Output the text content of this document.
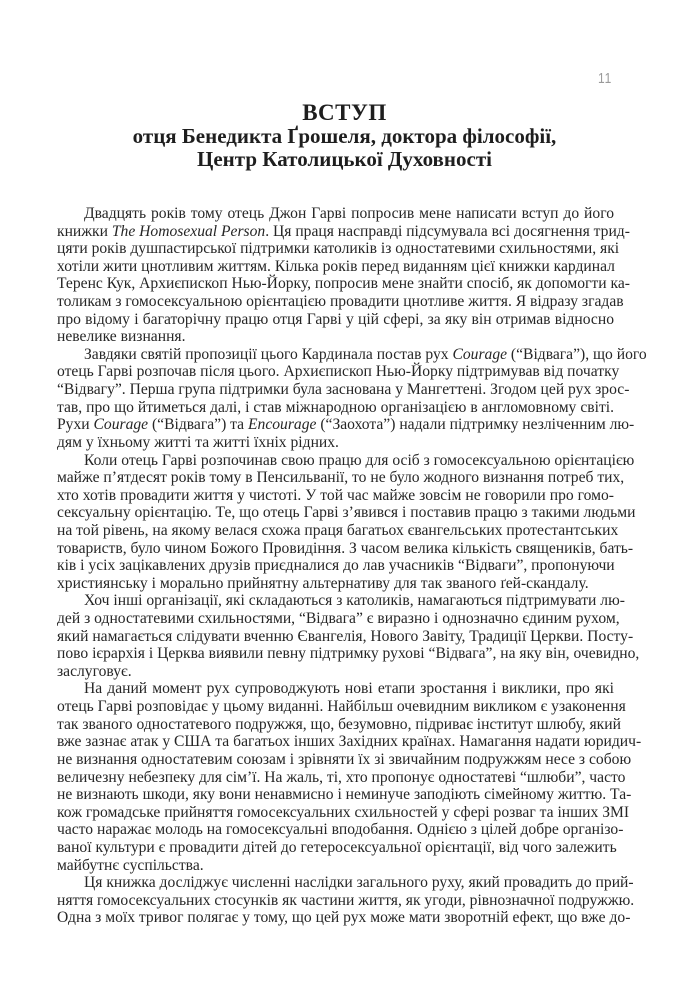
11
ВСТУП
отця Бенедикта Ґрошеля, доктора філософії,
Центр Католицької Духовності
Двадцять років тому отець Джон Гарві попросив мене написати вступ до його
книжки The Homosexual Person. Ця праця насправді підсумувала всі досягнення трид-
цяти років душпастирської підтримки католиків із одностатевими схильностями, які
хотіли жити цнотливим життям. Кілька років перед виданням цієї книжки кардинал
Теренс Кук, Архиєпископ Нью-Йорку, попросив мене знайти спосіб, як допомогти ка-
толикам з гомосексуальною орієнтацією провадити цнотливе життя. Я відразу згадав
про відому і багаторічну працю отця Гарві у цій сфері, за яку він отримав відносно
невелике визнання.
Завдяки святій пропозиції цього Кардинала постав рух Courage (“Відвага”), що його
отець Гарві розпочав після цього. Архиєпископ Нью-Йорку підтримував від початку
“Відвагу”. Перша група підтримки була заснована у Мангеттені. Згодом цей рух зрос-
тав, про що йтиметься далі, і став міжнародною організацією в англомовному світі.
Рухи Courage (“Відвага”) та Encourage (“Заохота”) надали підтримку незліченним лю-
дям у їхньому житті та житті їхніх рідних.
Коли отець Гарві розпочинав свою працю для осіб з гомосексуальною орієнтацією
майже п’ятдесят років тому в Пенсильванії, то не було жодного визнання потреб тих,
хто хотів провадити життя у чистоті. У той час майже зовсім не говорили про гомо-
сексуальну орієнтацію. Те, що отець Гарві з’явився і поставив працю з такими людьми
на той рівень, на якому велася схожа праця багатьох євангельських протестантських
товариств, було чином Божого Провидіння. З часом велика кількість священиків, бать-
ків і усіх зацікавлених друзів приєдналися до лав учасників “Відваги”, пропонуючи
християнську і морально прийнятну альтернативу для так званого ґей-скандалу.
Хоч інші організації, які складаються з католиків, намагаються підтримувати лю-
дей з одностатевими схильностями, “Відвага” є виразно і однозначно єдиним рухом,
який намагається слідувати вченню Євангелія, Нового Завіту, Традиції Церкви. Посту-
пово ієрархія і Церква виявили певну підтримку рухові “Відвага”, на яку він, очевидно,
заслуговує.
На даний момент рух супроводжують нові етапи зростання і виклики, про які
отець Гарві розповідає у цьому виданні. Найбільш очевидним викликом є узаконення
так званого одностатевого подружжя, що, безумовно, підриває інститут шлюбу, який
вже зазнає атак у США та багатьох інших Західних країнах. Намагання надати юридич-
не визнання одностатевим союзам і зрівняти їх зі звичайним подружжям несе з собою
величезну небезпеку для сім’ї. На жаль, ті, хто пропонує одностатеві “шлюби”, часто
не визнають шкоди, яку вони ненавмисно і неминуче заподіють сімейному життю. Та-
кож громадське прийняття гомосексуальних схильностей у сфері розваг та інших ЗМІ
часто наражає молодь на гомосексуальні вподобання. Однією з цілей добре організо-
ваної культури є провадити дітей до гетеросексуальної орієнтації, від чого залежить
майбутнє суспільства.
Ця книжка досліджує численні наслідки загального руху, який провадить до прий-
няття гомосексуальних стосунків як частини життя, як угоди, рівнозначної подружжю.
Одна з моїх тривог полягає у тому, що цей рух може мати зворотній ефект, що вже до-
